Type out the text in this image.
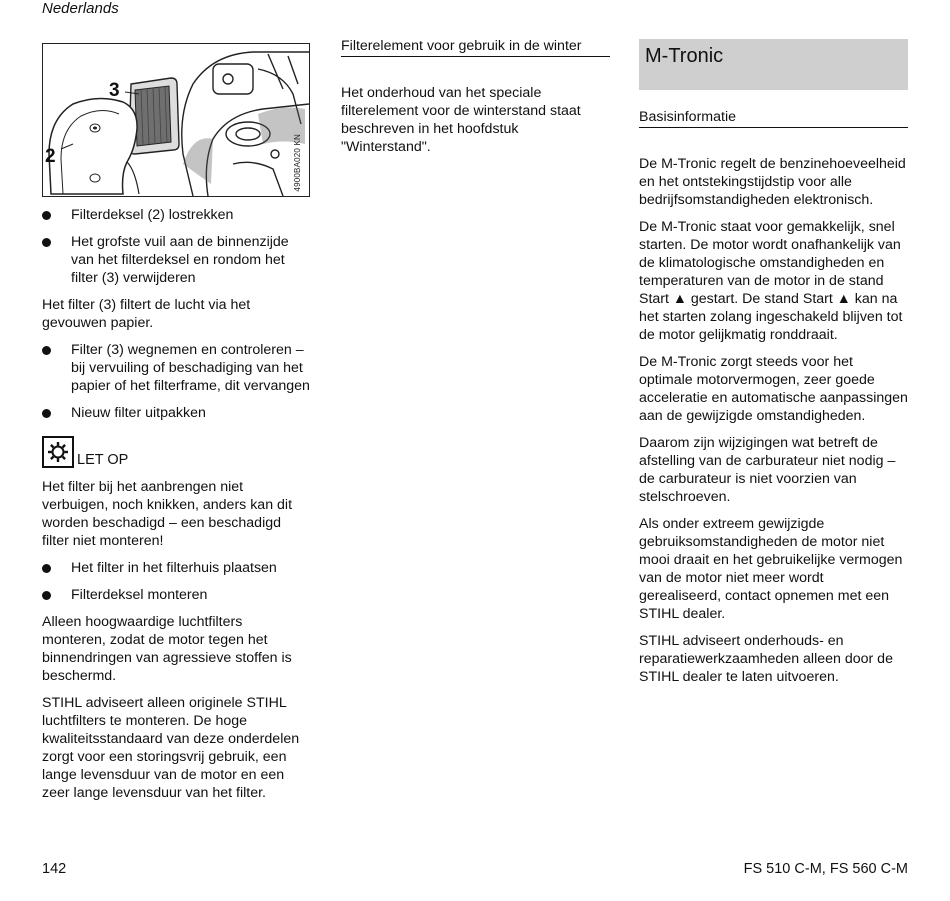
Nederlands
3
2	4900BA020 KN
Filterdeksel (2) lostrekken
Het grofste vuil aan de binnenzijde van het filterdeksel en rondom het filter (3) verwijderen

Het filter (3) filtert de lucht via het gevouwen papier.

Filter (3) wegnemen en controleren – bij vervuiling of beschadiging van het papier of het filterframe, dit vervangen
Nieuw filter uitpakken
LET OP

Het filter bij het aanbrengen niet verbuigen, noch knikken, anders kan dit worden beschadigd – een beschadigd filter niet monteren!

Het filter in het filterhuis plaatsen
Filterdeksel monteren

Alleen hoogwaardige luchtfilters monteren, zodat de motor tegen het binnendringen van agressieve stoffen is beschermd.

STIHL adviseert alleen originele STIHL luchtfilters te monteren. De hoge kwaliteitsstandaard van deze onderdelen zorgt voor een storingsvrij gebruik, een lange levensduur van de motor en een zeer lange levensduur van het filter.

Filterelement voor gebruik in de winter

Het onderhoud van het speciale filterelement voor de winterstand staat beschreven in het hoofdstuk "Winterstand".

M-Tronic
Basisinformatie

De M-Tronic regelt de benzinehoeveelheid en het ontstekingstijdstip voor alle bedrijfsomstandigheden elektronisch.

De M-Tronic staat voor gemakkelijk, snel starten. De motor wordt onafhankelijk van de klimatologische omstandigheden en temperaturen van de motor in de stand Start ▲ gestart. De stand Start ▲ kan na het starten zolang ingeschakeld blijven tot de motor gelijkmatig ronddraait.

De M-Tronic zorgt steeds voor het optimale motorvermogen, zeer goede acceleratie en automatische aanpassingen aan de gewijzigde omstandigheden.

Daarom zijn wijzigingen wat betreft de afstelling van de carburateur niet nodig – de carburateur is niet voorzien van stelschroeven.

Als onder extreem gewijzigde gebruiksomstandigheden de motor niet mooi draait en het gebruikelijke vermogen van de motor niet meer wordt gerealiseerd, contact opnemen met een STIHL dealer.

STIHL adviseert onderhouds- en reparatiewerkzaamheden alleen door de STIHL dealer te laten uitvoeren.

142	FS 510 C-M, FS 560 C-M
